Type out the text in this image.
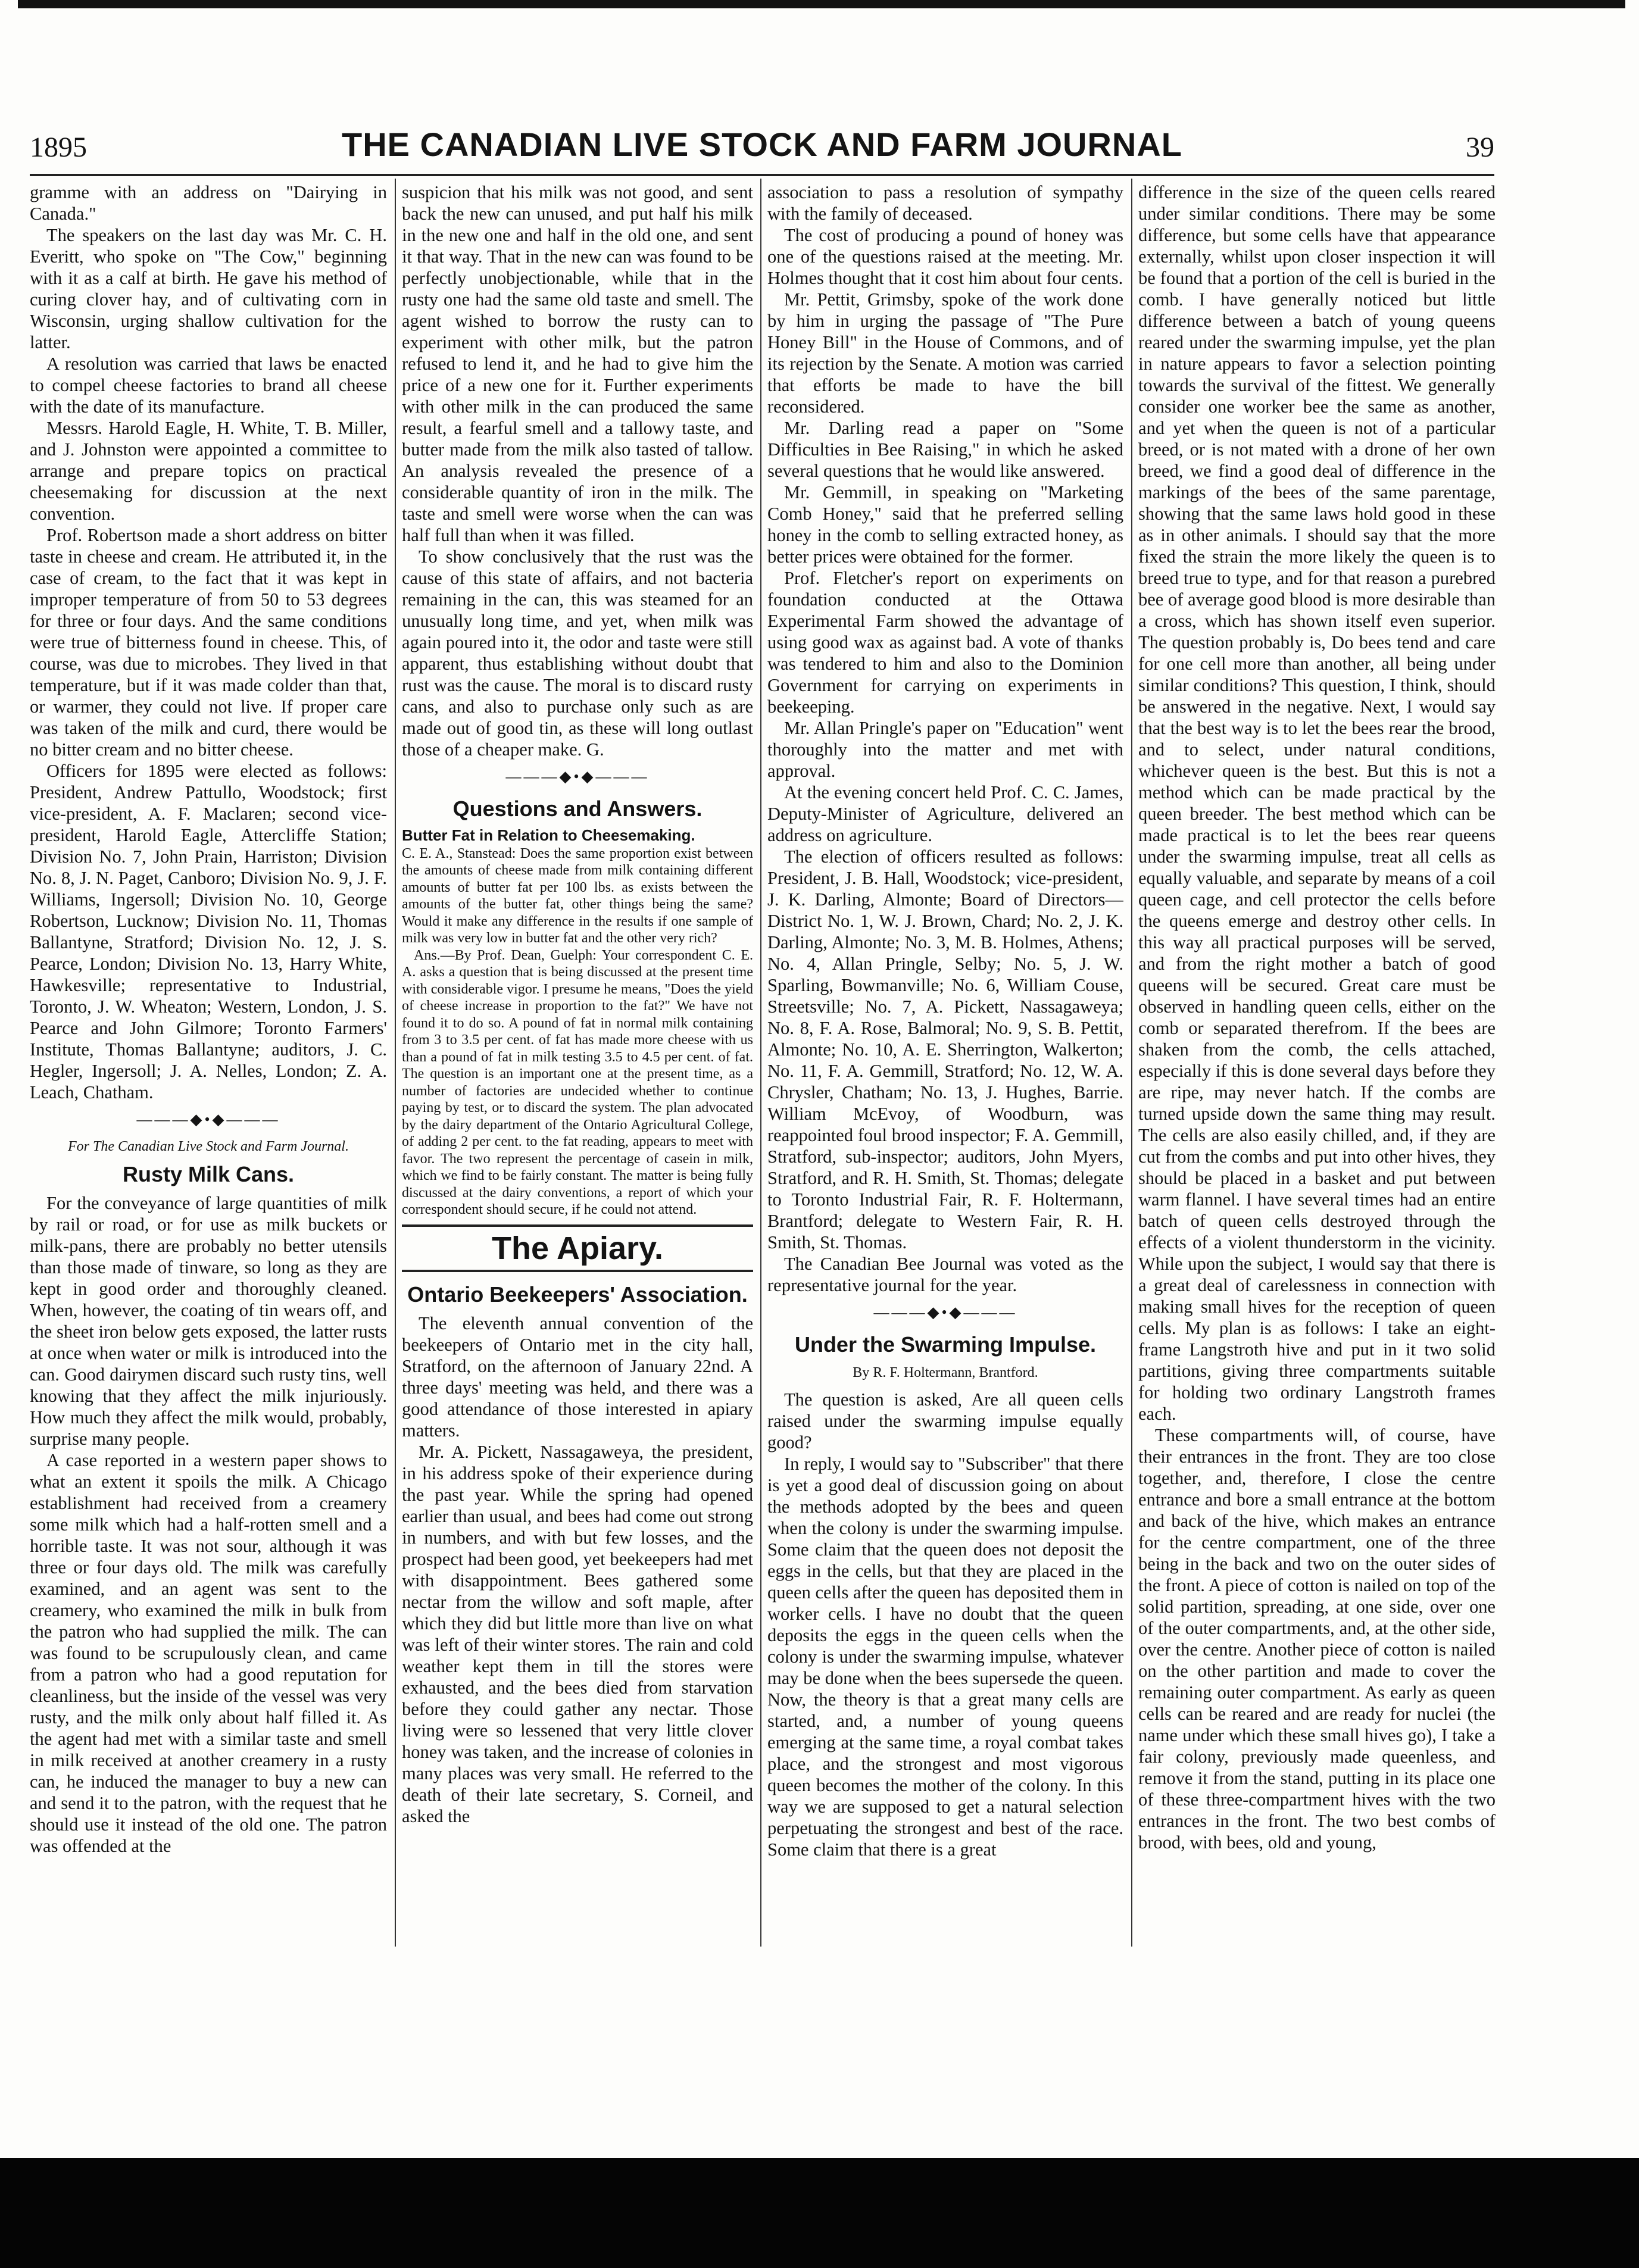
1895	THE CANADIAN LIVE STOCK AND FARM JOURNAL	39

gramme with an address on "Dairying in Canada."

The speakers on the last day was Mr. C. H. Everitt, who spoke on "The Cow," beginning with it as a calf at birth. He gave his method of curing clover hay, and of cultivating corn in Wisconsin, urging shallow cultivation for the latter.

A resolution was carried that laws be enacted to compel cheese factories to brand all cheese with the date of its manufacture.

Messrs. Harold Eagle, H. White, T. B. Miller, and J. Johnston were appointed a committee to arrange and prepare topics on practical cheesemaking for discussion at the next convention.

Prof. Robertson made a short address on bitter taste in cheese and cream. He attributed it, in the case of cream, to the fact that it was kept in improper temperature of from 50 to 53 degrees for three or four days. And the same conditions were true of bitterness found in cheese. This, of course, was due to microbes. They lived in that temperature, but if it was made colder than that, or warmer, they could not live. If proper care was taken of the milk and curd, there would be no bitter cream and no bitter cheese.

Officers for 1895 were elected as follows: President, Andrew Pattullo, Woodstock; first vice-president, A. F. Maclaren; second vice-president, Harold Eagle, Attercliffe Station; Division No. 7, John Prain, Harriston; Division No. 8, J. N. Paget, Canboro; Division No. 9, J. F. Williams, Ingersoll; Division No. 10, George Robertson, Lucknow; Division No. 11, Thomas Ballantyne, Stratford; Division No. 12, J. S. Pearce, London; Division No. 13, Harry White, Hawkesville; representative to Industrial, Toronto, J. W. Wheaton; Western, London, J. S. Pearce and John Gilmore; Toronto Farmers' Institute, Thomas Ballantyne; auditors, J. C. Hegler, Ingersoll; J. A. Nelles, London; Z. A. Leach, Chatham.

———◆•◆———
For The Canadian Live Stock and Farm Journal.
Rusty Milk Cans.

For the conveyance of large quantities of milk by rail or road, or for use as milk buckets or milk-pans, there are probably no better utensils than those made of tinware, so long as they are kept in good order and thoroughly cleaned. When, however, the coating of tin wears off, and the sheet iron below gets exposed, the latter rusts at once when water or milk is introduced into the can. Good dairymen discard such rusty tins, well knowing that they affect the milk injuriously. How much they affect the milk would, probably, surprise many people.

A case reported in a western paper shows to what an extent it spoils the milk. A Chicago establishment had received from a creamery some milk which had a half-rotten smell and a horrible taste. It was not sour, although it was three or four days old. The milk was carefully examined, and an agent was sent to the creamery, who examined the milk in bulk from the patron who had supplied the milk. The can was found to be scrupulously clean, and came from a patron who had a good reputation for cleanliness, but the inside of the vessel was very rusty, and the milk only about half filled it. As the agent had met with a similar taste and smell in milk received at another creamery in a rusty can, he induced the manager to buy a new can and send it to the patron, with the request that he should use it instead of the old one. The patron was offended at the

suspicion that his milk was not good, and sent back the new can unused, and put half his milk in the new one and half in the old one, and sent it that way. That in the new can was found to be perfectly unobjectionable, while that in the rusty one had the same old taste and smell. The agent wished to borrow the rusty can to experiment with other milk, but the patron refused to lend it, and he had to give him the price of a new one for it. Further experiments with other milk in the can produced the same result, a fearful smell and a tallowy taste, and butter made from the milk also tasted of tallow. An analysis revealed the presence of a considerable quantity of iron in the milk. The taste and smell were worse when the can was half full than when it was filled.

To show conclusively that the rust was the cause of this state of affairs, and not bacteria remaining in the can, this was steamed for an unusually long time, and yet, when milk was again poured into it, the odor and taste were still apparent, thus establishing without doubt that rust was the cause. The moral is to discard rusty cans, and also to purchase only such as are made out of good tin, as these will long outlast those of a cheaper make. G.

———◆•◆———
Questions and Answers.

Butter Fat in Relation to Cheesemaking.

C. E. A., Stanstead: Does the same proportion exist between the amounts of cheese made from milk containing different amounts of butter fat per 100 lbs. as exists between the amounts of the butter fat, other things being the same? Would it make any difference in the results if one sample of milk was very low in butter fat and the other very rich?

Ans.—By Prof. Dean, Guelph: Your correspondent C. E. A. asks a question that is being discussed at the present time with considerable vigor. I presume he means, "Does the yield of cheese increase in proportion to the fat?" We have not found it to do so. A pound of fat in normal milk containing from 3 to 3.5 per cent. of fat has made more cheese with us than a pound of fat in milk testing 3.5 to 4.5 per cent. of fat. The question is an important one at the present time, as a number of factories are undecided whether to continue paying by test, or to discard the system. The plan advocated by the dairy department of the Ontario Agricultural College, of adding 2 per cent. to the fat reading, appears to meet with favor. The two represent the percentage of casein in milk, which we find to be fairly constant. The matter is being fully discussed at the dairy conventions, a report of which your correspondent should secure, if he could not attend.

The Apiary.
Ontario Beekeepers' Association.

The eleventh annual convention of the beekeepers of Ontario met in the city hall, Stratford, on the afternoon of January 22nd. A three days' meeting was held, and there was a good attendance of those interested in apiary matters.

Mr. A. Pickett, Nassagaweya, the president, in his address spoke of their experience during the past year. While the spring had opened earlier than usual, and bees had come out strong in numbers, and with but few losses, and the prospect had been good, yet beekeepers had met with disappointment. Bees gathered some nectar from the willow and soft maple, after which they did but little more than live on what was left of their winter stores. The rain and cold weather kept them in till the stores were exhausted, and the bees died from starvation before they could gather any nectar. Those living were so lessened that very little clover honey was taken, and the increase of colonies in many places was very small. He referred to the death of their late secretary, S. Corneil, and asked the

association to pass a resolution of sympathy with the family of deceased.

The cost of producing a pound of honey was one of the questions raised at the meeting. Mr. Holmes thought that it cost him about four cents.

Mr. Pettit, Grimsby, spoke of the work done by him in urging the passage of "The Pure Honey Bill" in the House of Commons, and of its rejection by the Senate. A motion was carried that efforts be made to have the bill reconsidered.

Mr. Darling read a paper on "Some Difficulties in Bee Raising," in which he asked several questions that he would like answered.

Mr. Gemmill, in speaking on "Marketing Comb Honey," said that he preferred selling honey in the comb to selling extracted honey, as better prices were obtained for the former.

Prof. Fletcher's report on experiments on foundation conducted at the Ottawa Experimental Farm showed the advantage of using good wax as against bad. A vote of thanks was tendered to him and also to the Dominion Government for carrying on experiments in beekeeping.

Mr. Allan Pringle's paper on "Education" went thoroughly into the matter and met with approval.

At the evening concert held Prof. C. C. James, Deputy-Minister of Agriculture, delivered an address on agriculture.

The election of officers resulted as follows: President, J. B. Hall, Woodstock; vice-president, J. K. Darling, Almonte; Board of Directors—District No. 1, W. J. Brown, Chard; No. 2, J. K. Darling, Almonte; No. 3, M. B. Holmes, Athens; No. 4, Allan Pringle, Selby; No. 5, J. W. Sparling, Bowmanville; No. 6, William Couse, Streetsville; No. 7, A. Pickett, Nassagaweya; No. 8, F. A. Rose, Balmoral; No. 9, S. B. Pettit, Almonte; No. 10, A. E. Sherrington, Walkerton; No. 11, F. A. Gemmill, Stratford; No. 12, W. A. Chrysler, Chatham; No. 13, J. Hughes, Barrie. William McEvoy, of Woodburn, was reappointed foul brood inspector; F. A. Gemmill, Stratford, sub-inspector; auditors, John Myers, Stratford, and R. H. Smith, St. Thomas; delegate to Toronto Industrial Fair, R. F. Holtermann, Brantford; delegate to Western Fair, R. H. Smith, St. Thomas.

The Canadian Bee Journal was voted as the representative journal for the year.

———◆•◆———
Under the Swarming Impulse.
By R. F. Holtermann, Brantford.

The question is asked, Are all queen cells raised under the swarming impulse equally good?

In reply, I would say to "Subscriber" that there is yet a good deal of discussion going on about the methods adopted by the bees and queen when the colony is under the swarming impulse. Some claim that the queen does not deposit the eggs in the cells, but that they are placed in the queen cells after the queen has deposited them in worker cells. I have no doubt that the queen deposits the eggs in the queen cells when the colony is under the swarming impulse, whatever may be done when the bees supersede the queen. Now, the theory is that a great many cells are started, and, a number of young queens emerging at the same time, a royal combat takes place, and the strongest and most vigorous queen becomes the mother of the colony. In this way we are supposed to get a natural selection perpetuating the strongest and best of the race. Some claim that there is a great

difference in the size of the queen cells reared under similar conditions. There may be some difference, but some cells have that appearance externally, whilst upon closer inspection it will be found that a portion of the cell is buried in the comb. I have generally noticed but little difference between a batch of young queens reared under the swarming impulse, yet the plan in nature appears to favor a selection pointing towards the survival of the fittest. We generally consider one worker bee the same as another, and yet when the queen is not of a particular breed, or is not mated with a drone of her own breed, we find a good deal of difference in the markings of the bees of the same parentage, showing that the same laws hold good in these as in other animals. I should say that the more fixed the strain the more likely the queen is to breed true to type, and for that reason a purebred bee of average good blood is more desirable than a cross, which has shown itself even superior. The question probably is, Do bees tend and care for one cell more than another, all being under similar conditions? This question, I think, should be answered in the negative. Next, I would say that the best way is to let the bees rear the brood, and to select, under natural conditions, whichever queen is the best. But this is not a method which can be made practical by the queen breeder. The best method which can be made practical is to let the bees rear queens under the swarming impulse, treat all cells as equally valuable, and separate by means of a coil queen cage, and cell protector the cells before the queens emerge and destroy other cells. In this way all practical purposes will be served, and from the right mother a batch of good queens will be secured. Great care must be observed in handling queen cells, either on the comb or separated therefrom. If the bees are shaken from the comb, the cells attached, especially if this is done several days before they are ripe, may never hatch. If the combs are turned upside down the same thing may result. The cells are also easily chilled, and, if they are cut from the combs and put into other hives, they should be placed in a basket and put between warm flannel. I have several times had an entire batch of queen cells destroyed through the effects of a violent thunderstorm in the vicinity. While upon the subject, I would say that there is a great deal of carelessness in connection with making small hives for the reception of queen cells. My plan is as follows: I take an eight-frame Langstroth hive and put in it two solid partitions, giving three compartments suitable for holding two ordinary Langstroth frames each.

These compartments will, of course, have their entrances in the front. They are too close together, and, therefore, I close the centre entrance and bore a small entrance at the bottom and back of the hive, which makes an entrance for the centre compartment, one of the three being in the back and two on the outer sides of the front. A piece of cotton is nailed on top of the solid partition, spreading, at one side, over one of the outer compartments, and, at the other side, over the centre. Another piece of cotton is nailed on the other partition and made to cover the remaining outer compartment. As early as queen cells can be reared and are ready for nuclei (the name under which these small hives go), I take a fair colony, previously made queenless, and remove it from the stand, putting in its place one of these three-compartment hives with the two entrances in the front. The two best combs of brood, with bees, old and young,
